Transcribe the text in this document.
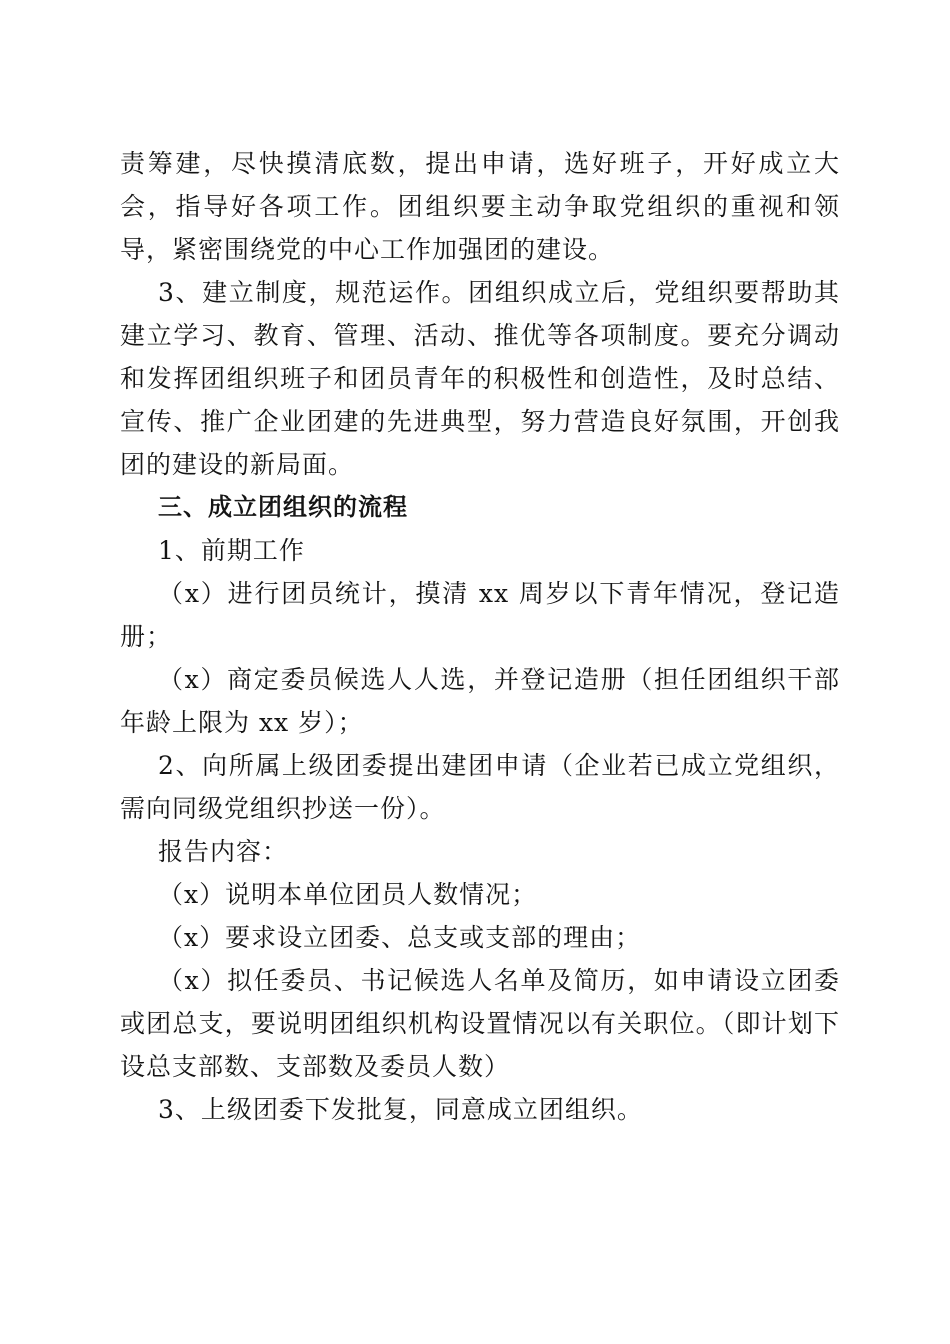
责筹建，尽快摸清底数，提出申请，选好班子，开好成立大会，指导好各项工作。团组织要主动争取党组织的重视和领导，紧密围绕党的中心工作加强团的建设。

3、建立制度，规范运作。团组织成立后，党组织要帮助其建立学习、教育、管理、活动、推优等各项制度。要充分调动和发挥团组织班子和团员青年的积极性和创造性，及时总结、宣传、推广企业团建的先进典型，努力营造良好氛围，开创我团的建设的新局面。

三、成立团组织的流程

1、前期工作

（x）进行团员统计，摸清 xx 周岁以下青年情况，登记造册；

（x）商定委员候选人人选，并登记造册（担任团组织干部年龄上限为 xx 岁）；

2、向所属上级团委提出建团申请（企业若已成立党组织，需向同级党组织抄送一份）。

报告内容：

（x）说明本单位团员人数情况；

（x）要求设立团委、总支或支部的理由；

（x）拟任委员、书记候选人名单及简历，如申请设立团委或团总支，要说明团组织机构设置情况以有关职位。（即计划下设总支部数、支部数及委员人数）

3、上级团委下发批复，同意成立团组织。
